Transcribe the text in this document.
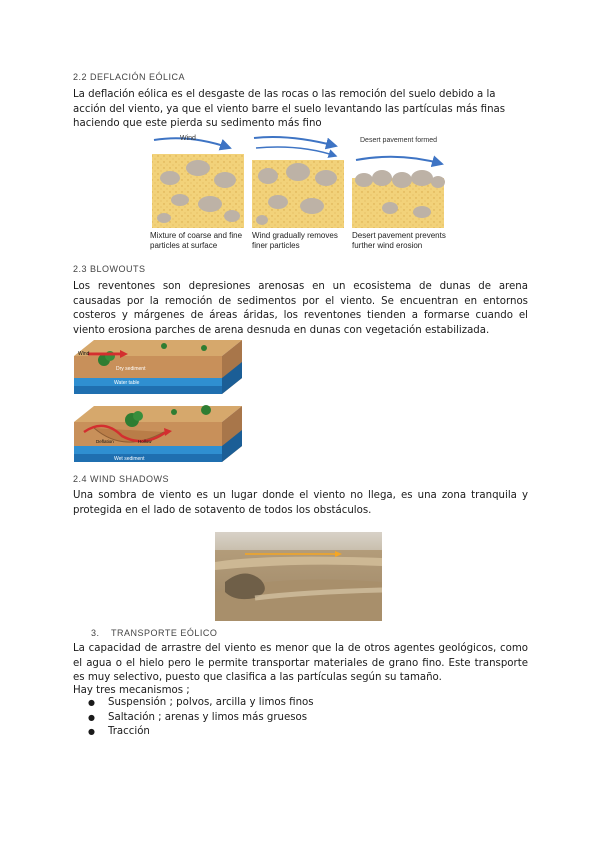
2.2 DEFLACIÓN EÓLICA

La deflación eólica es el desgaste de las rocas o las remoción del suelo debido a la acción del viento, ya que el viento barre el suelo levantando las partículas más finas haciendo que este pierda su sedimento más fino

Wind	Desert pavement formed
Mixture of coarse and fine particles at surface
Wind gradually removes finer particles
Desert pavement prevents further wind erosion
2.3 BLOWOUTS

Los reventones son depresiones arenosas en un ecosistema de dunas de arena causadas por la remoción de sedimentos por el viento. Se encuentran en entornos costeros y márgenes de áreas áridas, los reventones tienden a formarse cuando el viento erosiona parches de arena desnuda en dunas con vegetación estabilizada.

Wind
Dry sediment
Water table
Deflation	Hollow
Wet sediment
2.4 WIND SHADOWS

Una sombra de viento es un lugar donde el viento no llega, es una zona tranquila y protegida en el lado de sotavento de todos los obstáculos.

3. TRANSPORTE EÓLICO

La capacidad de arrastre del viento es menor que la de otros agentes geológicos, como el agua o el hielo pero le permite transportar materiales de grano fino. Este transporte es muy selectivo, puesto que clasifica a las partículas según su tamaño.

Hay tres mecanismos ;

● Suspensión ; polvos, arcilla y limos finos
● Saltación ; arenas y limos más gruesos
● Tracción
